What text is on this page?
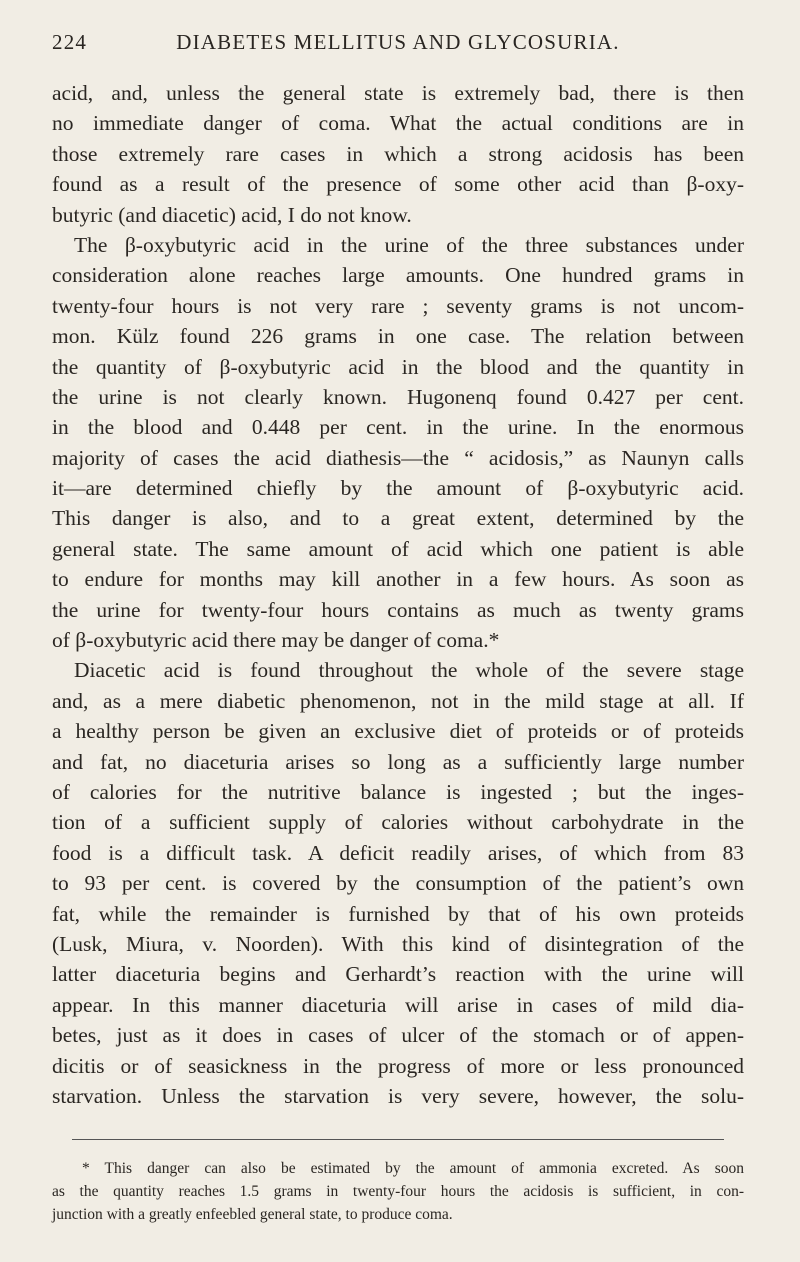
224	DIABETES MELLITUS AND GLYCOSURIA.
acid, and, unless the general state is extremely bad, there is then
no immediate danger of coma. What the actual conditions are in
those extremely rare cases in which a strong acidosis has been
found as a result of the presence of some other acid than β-oxy-
butyric (and diacetic) acid, I do not know.
The β-oxybutyric acid in the urine of the three substances under
consideration alone reaches large amounts. One hundred grams in
twenty-four hours is not very rare ; seventy grams is not uncom-
mon. Külz found 226 grams in one case. The relation between
the quantity of β-oxybutyric acid in the blood and the quantity in
the urine is not clearly known. Hugonenq found 0.427 per cent.
in the blood and 0.448 per cent. in the urine. In the enormous
majority of cases the acid diathesis—the “ acidosis,” as Naunyn calls
it—are determined chiefly by the amount of β-oxybutyric acid.
This danger is also, and to a great extent, determined by the
general state. The same amount of acid which one patient is able
to endure for months may kill another in a few hours. As soon as
the urine for twenty-four hours contains as much as twenty grams
of β-oxybutyric acid there may be danger of coma.*
Diacetic acid is found throughout the whole of the severe stage
and, as a mere diabetic phenomenon, not in the mild stage at all. If
a healthy person be given an exclusive diet of proteids or of proteids
and fat, no diaceturia arises so long as a sufficiently large number
of calories for the nutritive balance is ingested ; but the inges-
tion of a sufficient supply of calories without carbohydrate in the
food is a difficult task. A deficit readily arises, of which from 83
to 93 per cent. is covered by the consumption of the patient’s own
fat, while the remainder is furnished by that of his own proteids
(Lusk, Miura, v. Noorden). With this kind of disintegration of the
latter diaceturia begins and Gerhardt’s reaction with the urine will
appear. In this manner diaceturia will arise in cases of mild dia-
betes, just as it does in cases of ulcer of the stomach or of appen-
dicitis or of seasickness in the progress of more or less pronounced
starvation. Unless the starvation is very severe, however, the solu-
* This danger can also be estimated by the amount of ammonia excreted. As soon
as the quantity reaches 1.5 grams in twenty-four hours the acidosis is sufficient, in con-
junction with a greatly enfeebled general state, to produce coma.
